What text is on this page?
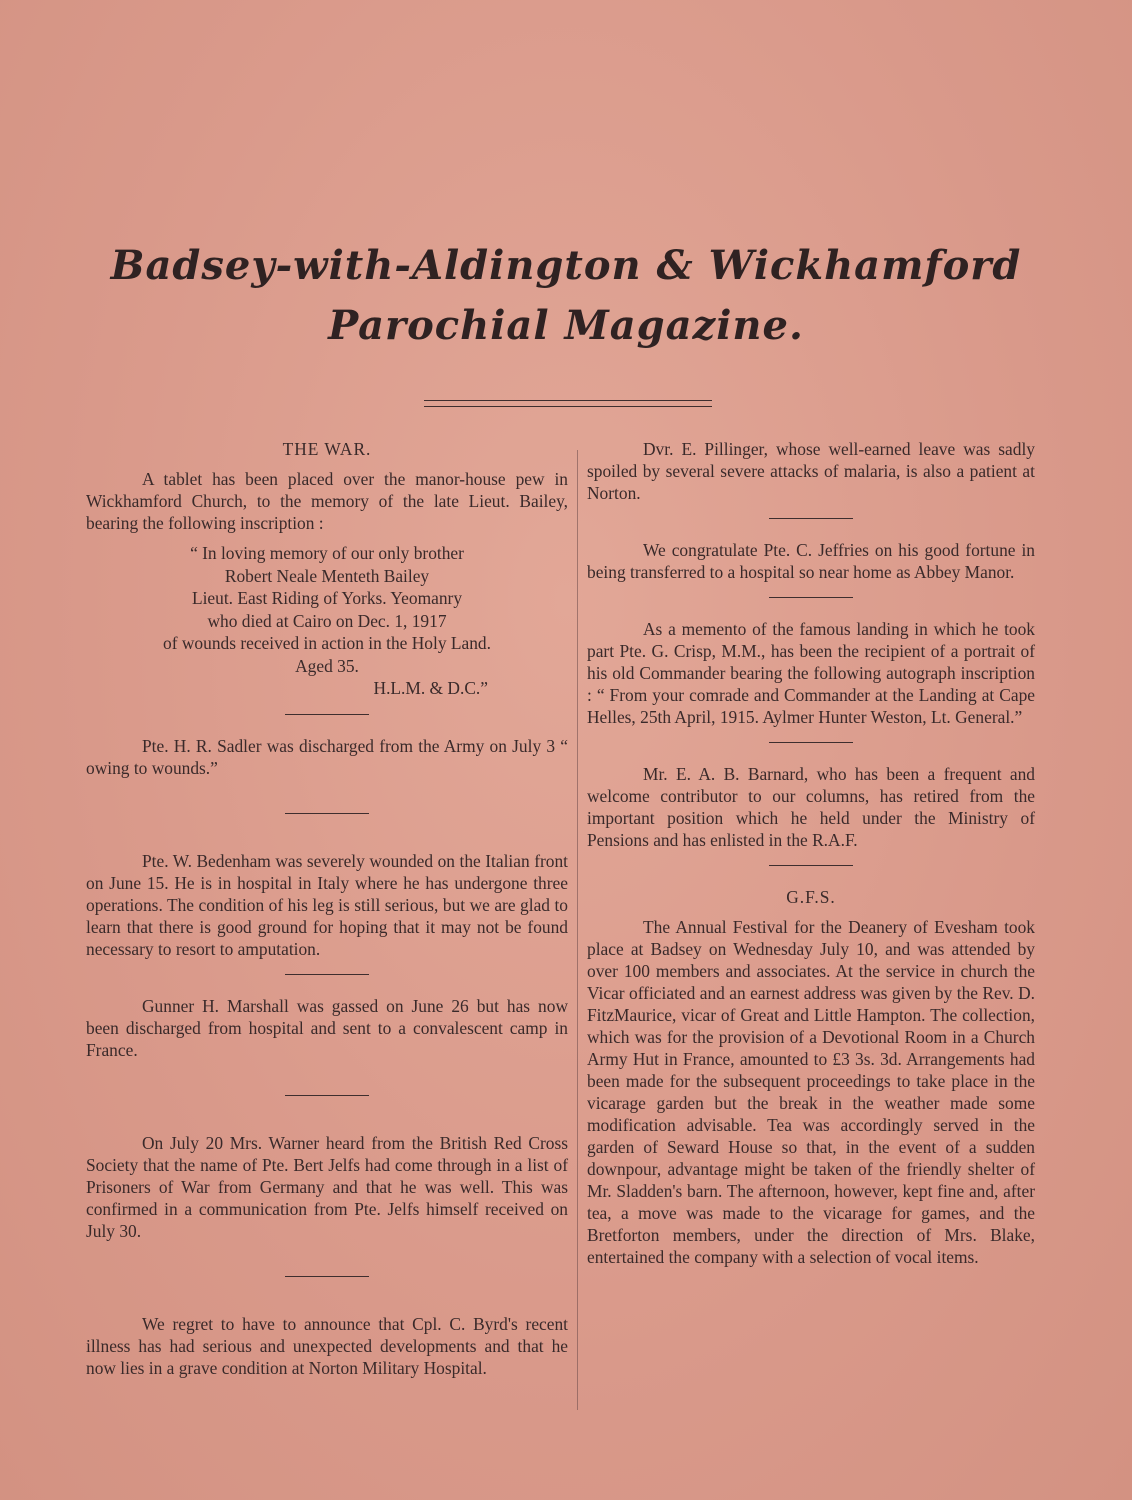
Badsey-with-Aldington & Wickhamford
Parochial Magazine.
THE WAR.

A tablet has been placed over the manor-house pew in Wickhamford Church, to the memory of the late Lieut. Bailey, bearing the following inscription :

“ In loving memory of our only brother
Robert Neale Menteth Bailey
Lieut. East Riding of Yorks. Yeomanry
who died at Cairo on Dec. 1, 1917
of wounds received in action in the Holy Land.
Aged 35.
H.L.M. & D.C.”

Pte. H. R. Sadler was discharged from the Army on July 3 “ owing to wounds.”

Pte. W. Bedenham was severely wounded on the Italian front on June 15. He is in hospital in Italy where he has undergone three operations. The condition of his leg is still serious, but we are glad to learn that there is good ground for hoping that it may not be found necessary to resort to amputation.

Gunner H. Marshall was gassed on June 26 but has now been discharged from hospital and sent to a convalescent camp in France.

On July 20 Mrs. Warner heard from the British Red Cross Society that the name of Pte. Bert Jelfs had come through in a list of Prisoners of War from Germany and that he was well. This was confirmed in a communication from Pte. Jelfs himself received on July 30.

We regret to have to announce that Cpl. C. Byrd's recent illness has had serious and unexpected developments and that he now lies in a grave condition at Norton Military Hospital.

Dvr. E. Pillinger, whose well-earned leave was sadly spoiled by several severe attacks of malaria, is also a patient at Norton.

We congratulate Pte. C. Jeffries on his good fortune in being transferred to a hospital so near home as Abbey Manor.

As a memento of the famous landing in which he took part Pte. G. Crisp, M.M., has been the recipient of a portrait of his old Commander bearing the following autograph inscription : “ From your comrade and Commander at the Landing at Cape Helles, 25th April, 1915. Aylmer Hunter Weston, Lt. General.”

Mr. E. A. B. Barnard, who has been a frequent and welcome contributor to our columns, has retired from the important position which he held under the Ministry of Pensions and has enlisted in the R.A.F.

G.F.S.

The Annual Festival for the Deanery of Evesham took place at Badsey on Wednesday July 10, and was attended by over 100 members and associates. At the service in church the Vicar officiated and an earnest address was given by the Rev. D. FitzMaurice, vicar of Great and Little Hampton. The collection, which was for the provision of a Devotional Room in a Church Army Hut in France, amounted to £3 3s. 3d. Arrangements had been made for the subsequent proceedings to take place in the vicarage garden but the break in the weather made some modification advisable. Tea was accordingly served in the garden of Seward House so that, in the event of a sudden downpour, advantage might be taken of the friendly shelter of Mr. Sladden's barn. The afternoon, however, kept fine and, after tea, a move was made to the vicarage for games, and the Bretforton members, under the direction of Mrs. Blake, entertained the company with a selection of vocal items.
